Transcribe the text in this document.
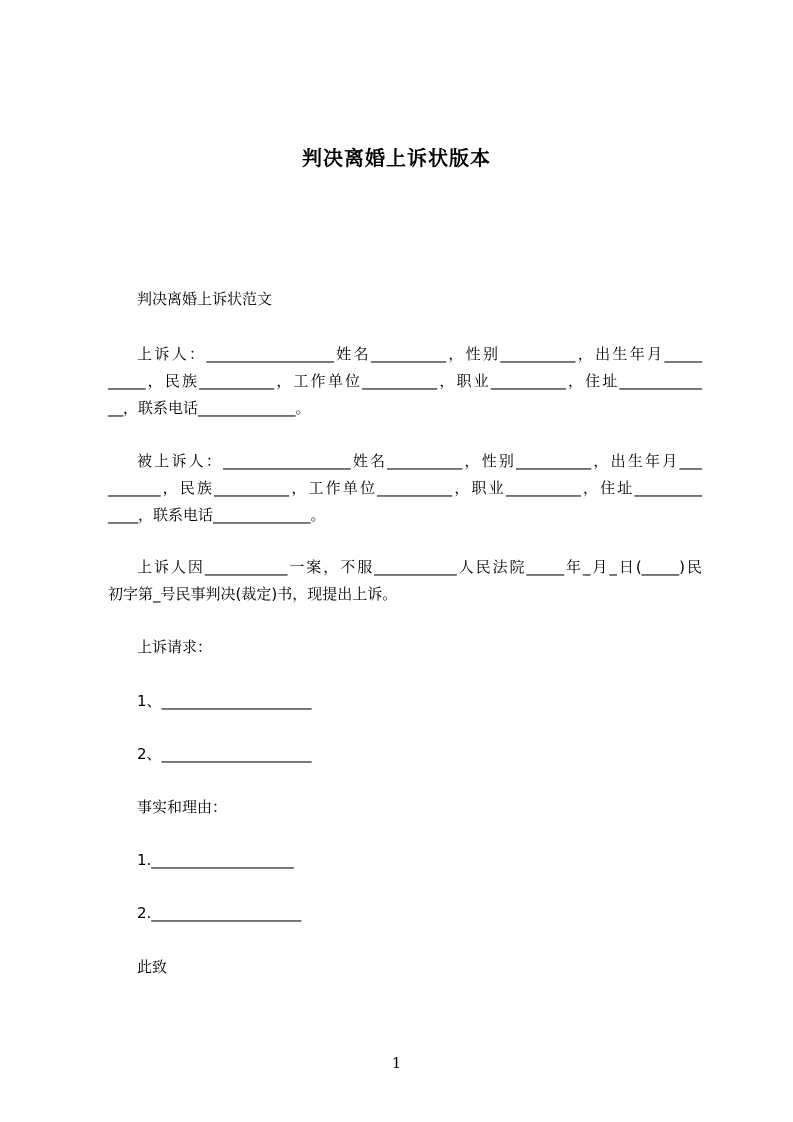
判决离婚上诉状版本
判决离婚上诉状范文
上诉人：_________________姓名__________，性别__________，出生年月_____
_____，民族__________，工作单位__________，职业__________，住址___________
__，联系电话_____________。
被上诉人：_________________姓名__________，性别__________，出生年月___
_______，民族__________，工作单位__________，职业__________，住址_________
____，联系电话_____________。
上诉人因___________一案，不服___________人民法院_____年_月_日(_____)民
初字第_号民事判决(裁定)书，现提出上诉。
上诉请求：
1、____________________
2、____________________
事实和理由：
1.___________________
2.____________________
此致
1
